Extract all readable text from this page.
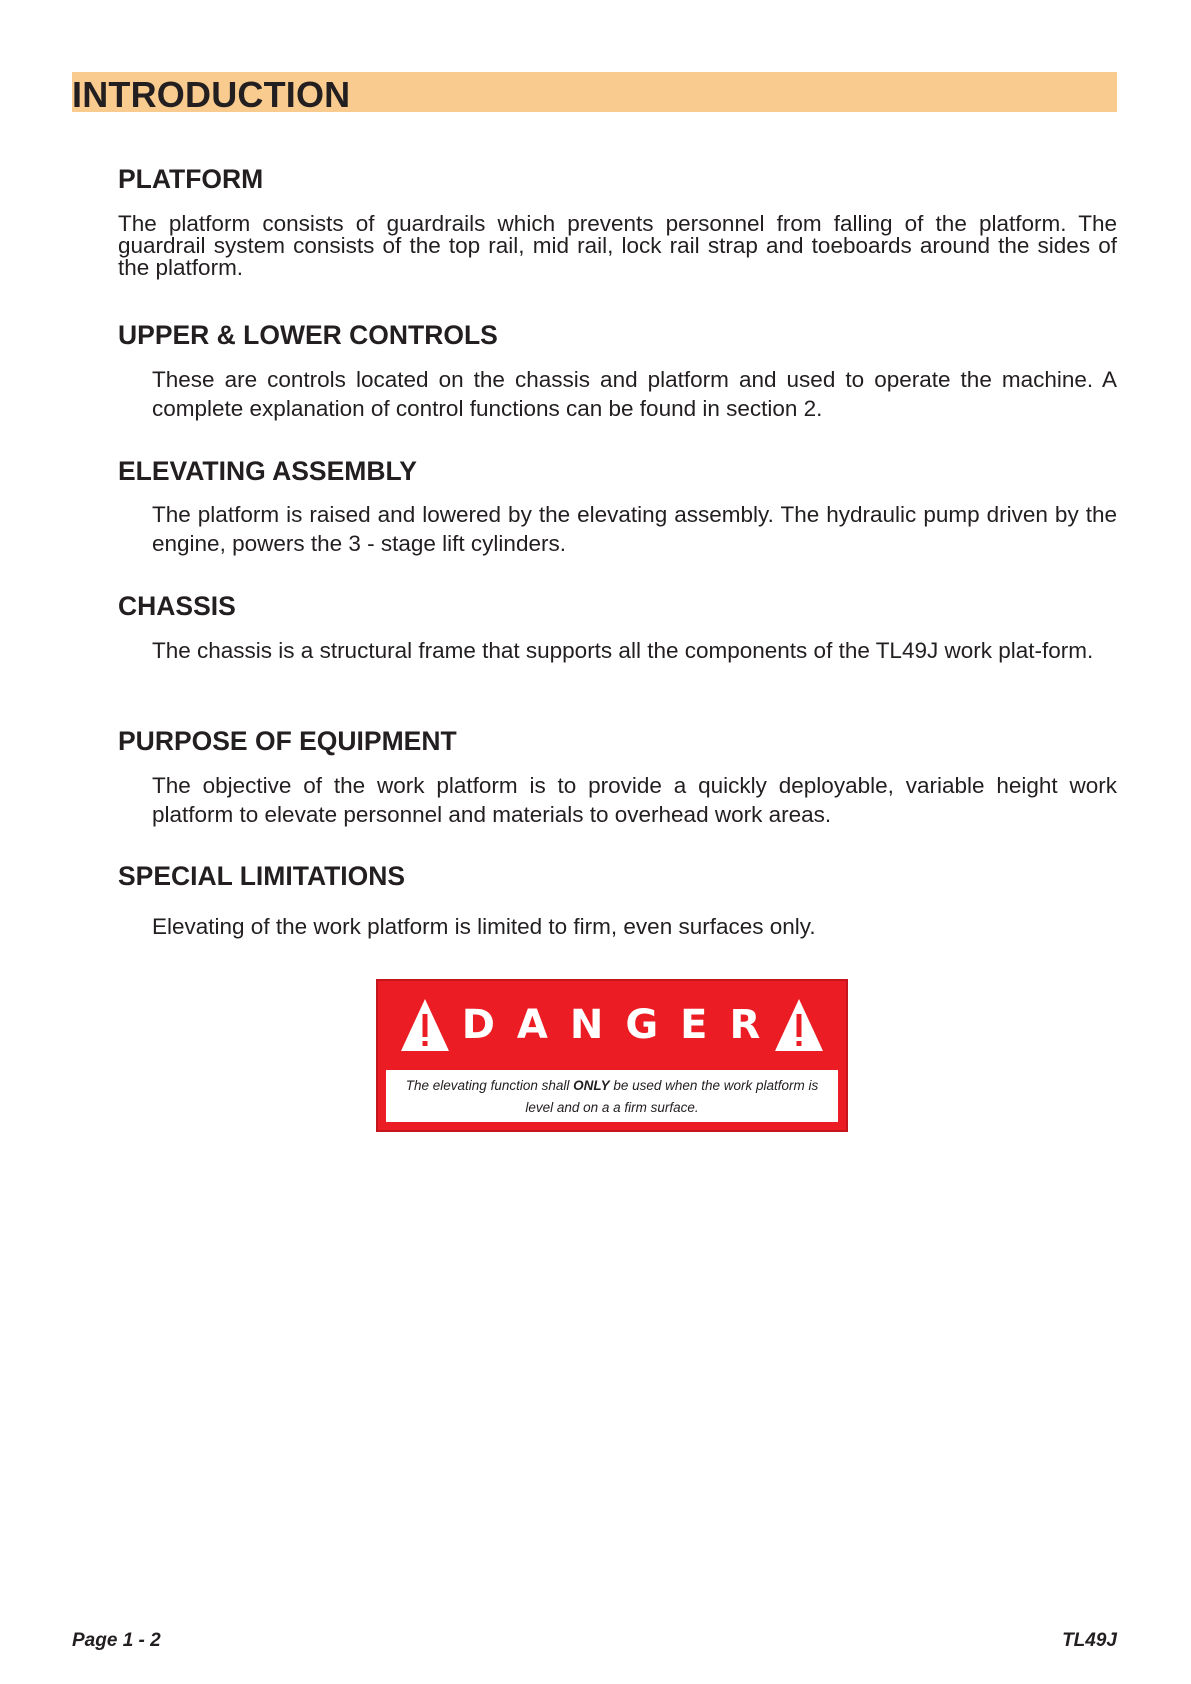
INTRODUCTION
PLATFORM

The platform consists of guardrails which prevents personnel from falling of the platform. The guardrail system consists of the top rail, mid rail, lock rail strap and toeboards around the sides of the platform.

UPPER & LOWER CONTROLS

These are controls located on the chassis and platform and used to operate the machine. A complete explanation of control functions can be found in section 2.

ELEVATING ASSEMBLY

The platform is raised and lowered by the elevating assembly. The hydraulic pump driven by the engine, powers the 3 - stage lift cylinders.

CHASSIS

The chassis is a structural frame that supports all the components of the TL49J work plat-form.

PURPOSE OF EQUIPMENT

The objective of the work platform is to provide a quickly deployable, variable height work platform to elevate personnel and materials to overhead work areas.

SPECIAL LIMITATIONS

Elevating of the work platform is limited to firm, even surfaces only.

DANGER
The elevating function shall ONLY be used when the work platform is level and on a a firm surface.

Page 1 - 2	TL49J
